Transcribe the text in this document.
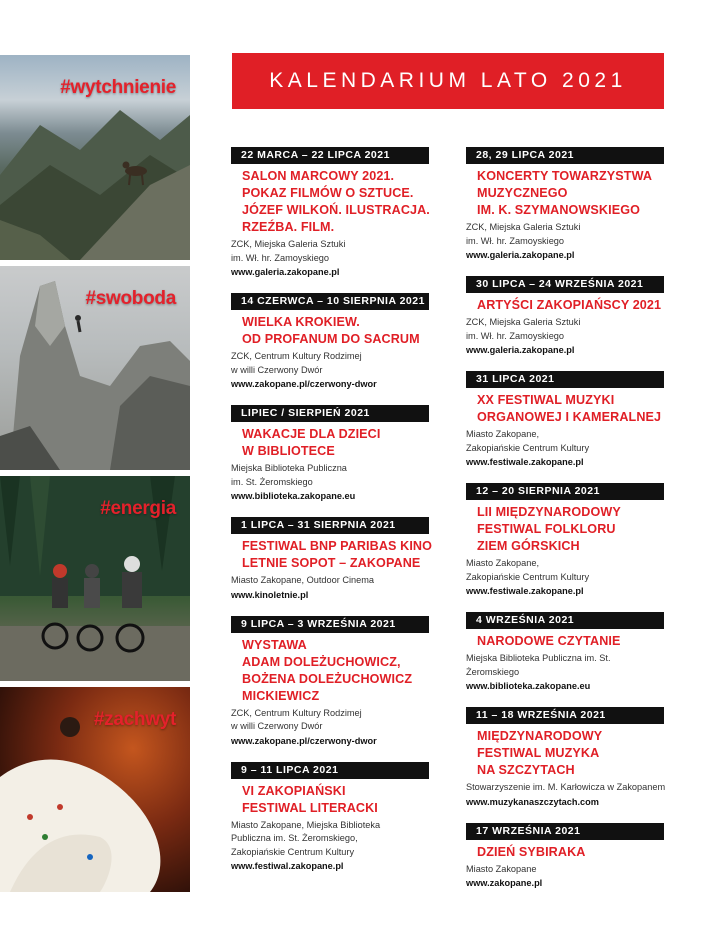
#wytchnienie
#swoboda
#energia
#zachwyt
KALENDARIUM LATO 2021
22 MARCA – 22 LIPCA 2021
SALON MARCOWY 2021.
POKAZ FILMÓW O SZTUCE.
JÓZEF WILKOŃ. ILUSTRACJA.
RZEŹBA. FILM.
ZCK, Miejska Galeria Sztuki
im. Wł. hr. Zamoyskiego
www.galeria.zakopane.pl
14 CZERWCA – 10 SIERPNIA 2021
WIELKA KROKIEW.
OD PROFANUM DO SACRUM
ZCK, Centrum Kultury Rodzimej
w willi Czerwony Dwór
www.zakopane.pl/czerwony-dwor
LIPIEC / SIERPIEŃ 2021
WAKACJE DLA DZIECI
W BIBLIOTECE
Miejska Biblioteka Publiczna
im. St. Żeromskiego
www.biblioteka.zakopane.eu
1 LIPCA – 31 SIERPNIA 2021
FESTIWAL BNP PARIBAS KINO
LETNIE SOPOT – ZAKOPANE
Miasto Zakopane, Outdoor Cinema
www.kinoletnie.pl
9 LIPCA – 3 WRZEŚNIA 2021
WYSTAWA
ADAM DOLEŻUCHOWICZ,
BOŻENA DOLEŻUCHOWICZ
MICKIEWICZ
ZCK, Centrum Kultury Rodzimej
w willi Czerwony Dwór
www.zakopane.pl/czerwony-dwor
9 – 11 LIPCA 2021
VI ZAKOPIAŃSKI
FESTIWAL LITERACKI
Miasto Zakopane, Miejska Biblioteka
Publiczna im. St. Żeromskiego,
Zakopiańskie Centrum Kultury
www.festiwal.zakopane.pl
28, 29 LIPCA 2021
KONCERTY TOWARZYSTWA
MUZYCZNEGO
IM. K. SZYMANOWSKIEGO
ZCK, Miejska Galeria Sztuki
im. Wł. hr. Zamoyskiego
www.galeria.zakopane.pl
30 LIPCA – 24 WRZEŚNIA 2021
ARTYŚCI ZAKOPIAŃSCY 2021
ZCK, Miejska Galeria Sztuki
im. Wł. hr. Zamoyskiego
www.galeria.zakopane.pl
31 LIPCA 2021
XX FESTIWAL MUZYKI
ORGANOWEJ I KAMERALNEJ
Miasto Zakopane,
Zakopiańskie Centrum Kultury
www.festiwale.zakopane.pl
12 – 20 SIERPNIA 2021
LII MIĘDZYNARODOWY
FESTIWAL FOLKLORU
ZIEM GÓRSKICH
Miasto Zakopane,
Zakopiańskie Centrum Kultury
www.festiwale.zakopane.pl
4 WRZEŚNIA 2021
NARODOWE CZYTANIE
Miejska Biblioteka Publiczna im. St.
Żeromskiego
www.biblioteka.zakopane.eu
11 – 18 WRZEŚNIA 2021
MIĘDZYNARODOWY
FESTIWAL MUZYKA
NA SZCZYTACH
Stowarzyszenie im. M. Karłowicza w Zakopanem
www.muzykanaszczytach.com
17 WRZEŚNIA 2021
DZIEŃ SYBIRAKA
Miasto Zakopane
www.zakopane.pl
